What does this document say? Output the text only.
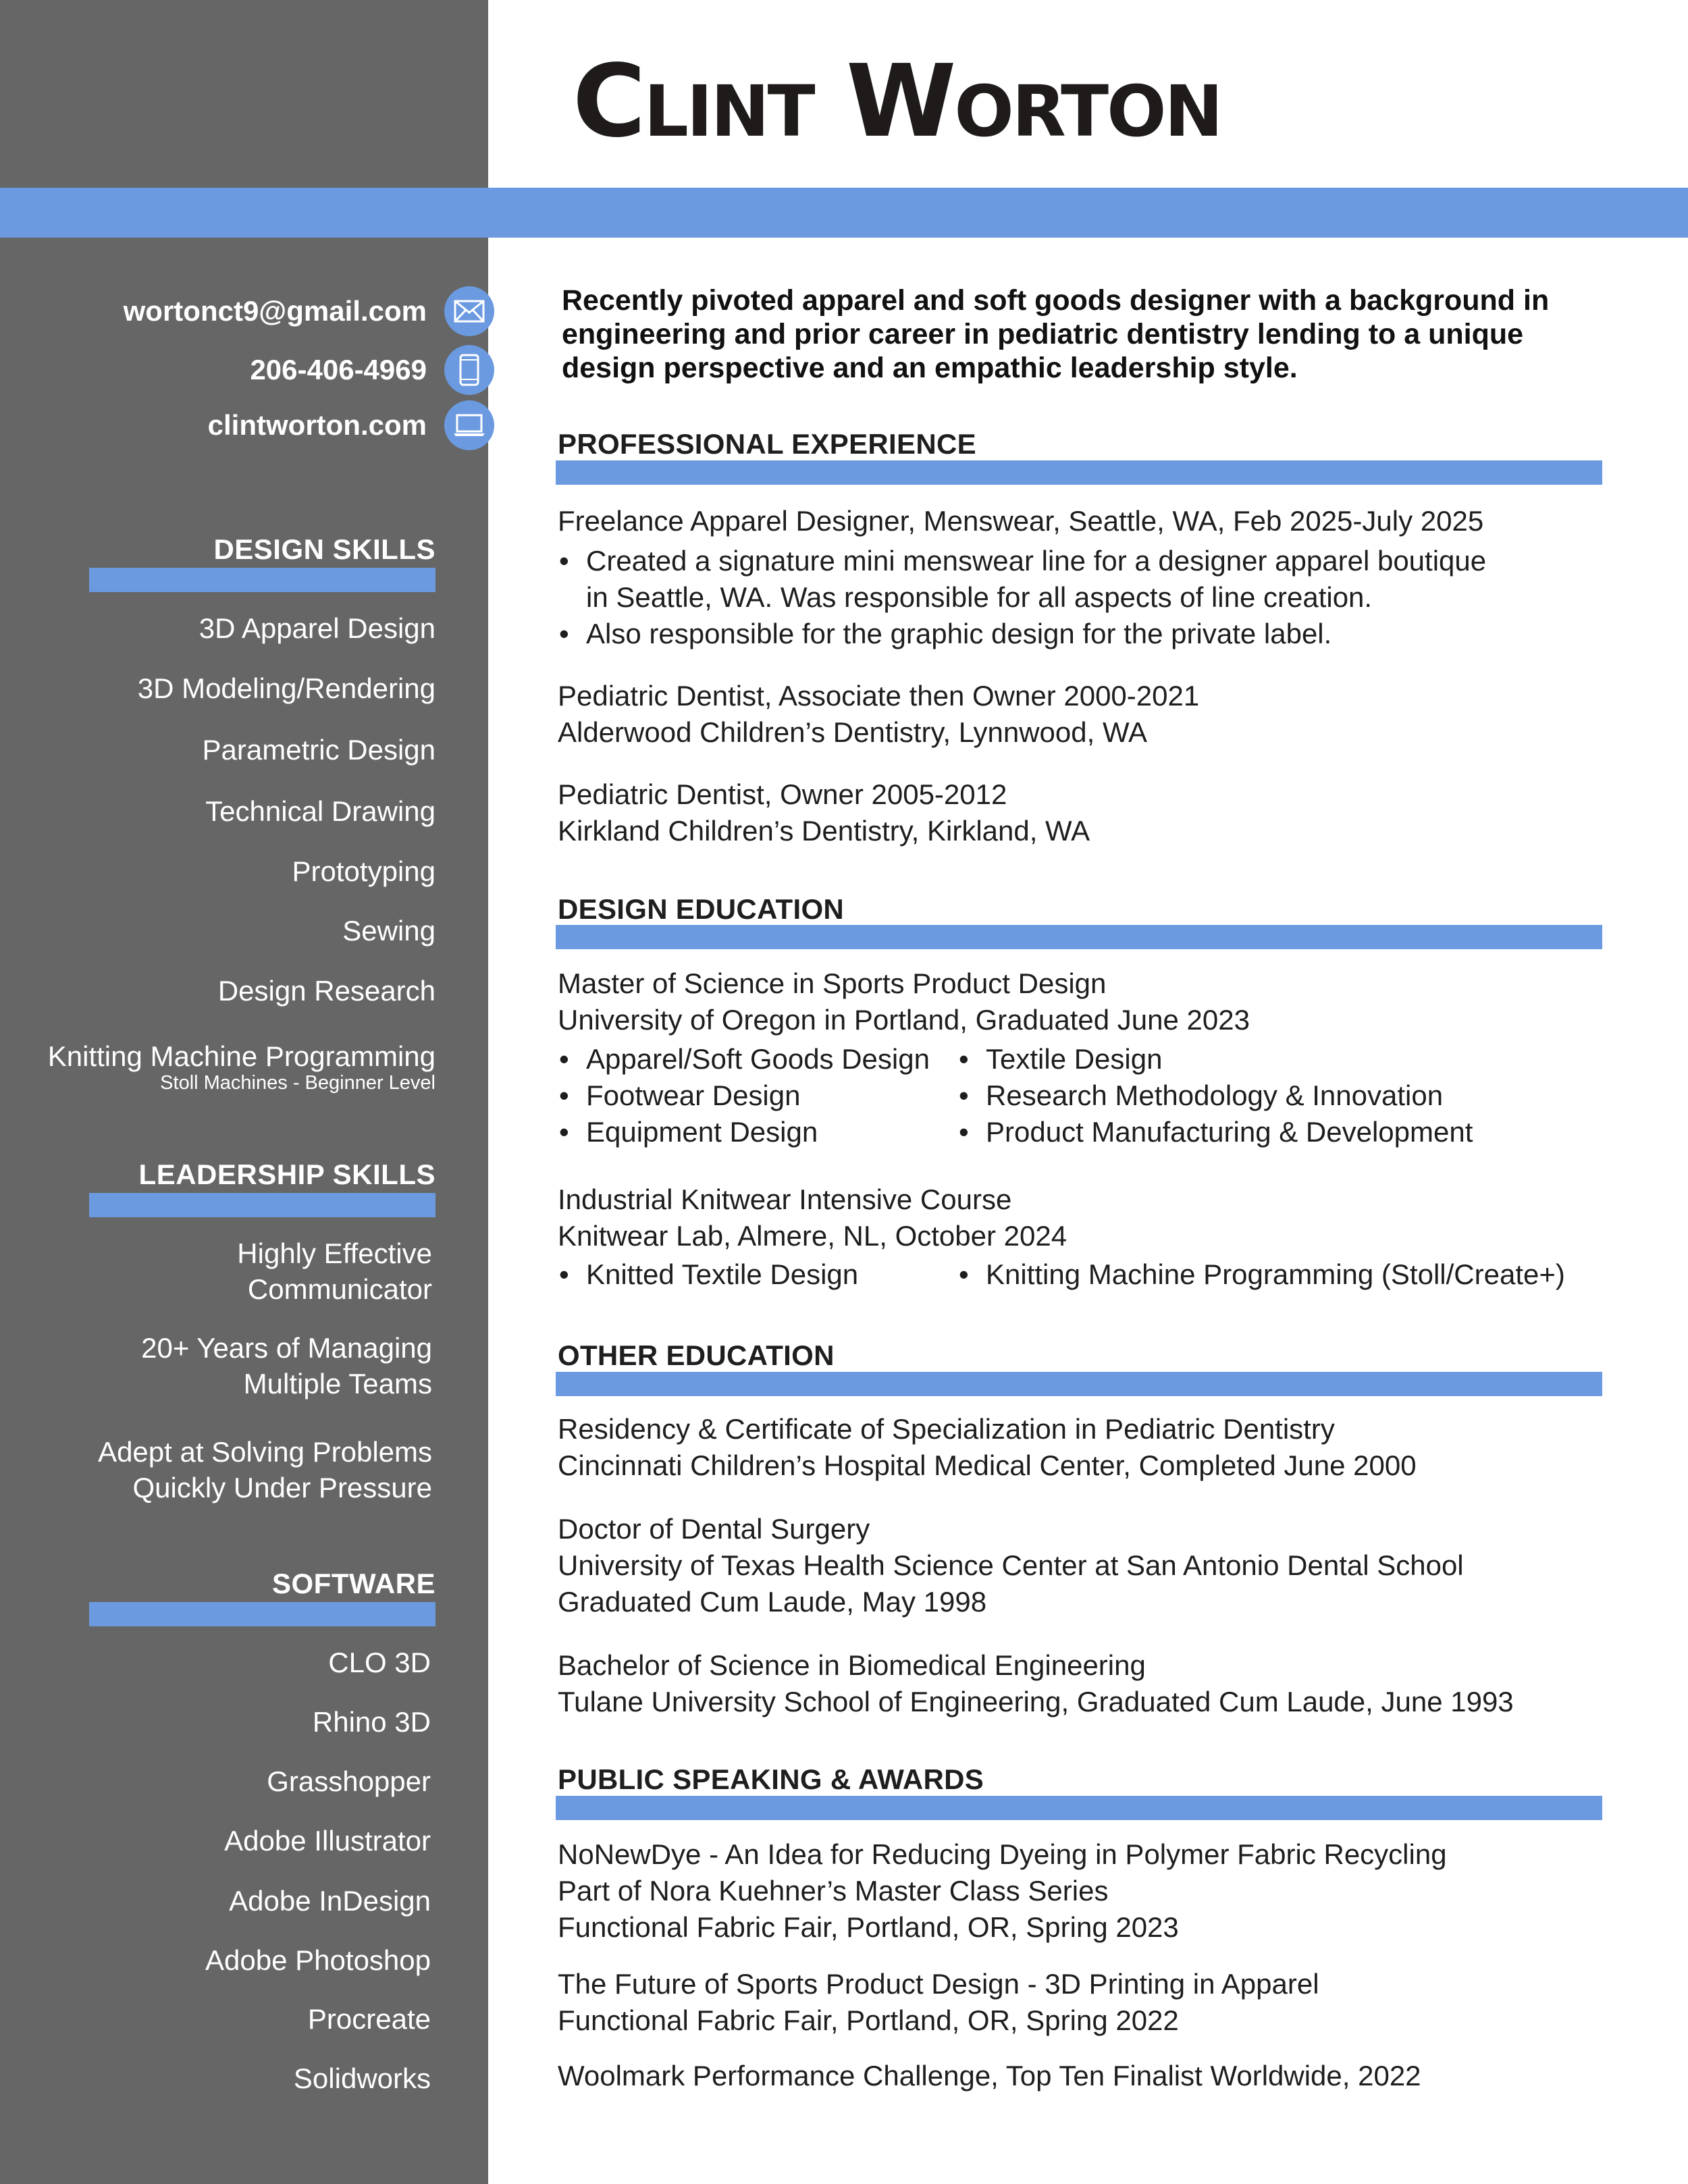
Clint Worton
wortonct9@gmail.com
206-406-4969
clintworton.com
DESIGN SKILLS
3D Apparel Design
3D Modeling/Rendering
Parametric Design
Technical Drawing
Prototyping
Sewing
Design Research
Knitting Machine Programming
Stoll Machines - Beginner Level
LEADERSHIP SKILLS
Highly Effective
Communicator
20+ Years of Managing
Multiple Teams
Adept at Solving Problems
Quickly Under Pressure
SOFTWARE
CLO 3D
Rhino 3D
Grasshopper
Adobe Illustrator
Adobe InDesign
Adobe Photoshop
Procreate
Solidworks
Recently pivoted apparel and soft goods designer with a background in
engineering and prior career in pediatric dentistry lending to a unique
design perspective and an empathic leadership style.
PROFESSIONAL EXPERIENCE
Freelance Apparel Designer, Menswear, Seattle, WA, Feb 2025-July 2025
• Created a signature mini menswear line for a designer apparel boutique
in Seattle, WA. Was responsible for all aspects of line creation.
• Also responsible for the graphic design for the private label.
Pediatric Dentist, Associate then Owner 2000-2021
Alderwood Children’s Dentistry, Lynnwood, WA
Pediatric Dentist, Owner 2005-2012
Kirkland Children’s Dentistry, Kirkland, WA
DESIGN EDUCATION
Master of Science in Sports Product Design
University of Oregon in Portland, Graduated June 2023
• Apparel/Soft Goods Design
• Footwear Design
• Equipment Design
• Textile Design
• Research Methodology & Innovation
• Product Manufacturing & Development
Industrial Knitwear Intensive Course
Knitwear Lab, Almere, NL, October 2024
• Knitted Textile Design
•	Knitting Machine Programming (Stoll/Create+)
OTHER EDUCATION
Residency & Certificate of Specialization in Pediatric Dentistry
Cincinnati Children’s Hospital Medical Center, Completed June 2000
Doctor of Dental Surgery
University of Texas Health Science Center at San Antonio Dental School
Graduated Cum Laude, May 1998
Bachelor of Science in Biomedical Engineering
Tulane University School of Engineering, Graduated Cum Laude, June 1993
PUBLIC SPEAKING & AWARDS
NoNewDye - An Idea for Reducing Dyeing in Polymer Fabric Recycling
Part of Nora Kuehner’s Master Class Series
Functional Fabric Fair, Portland, OR, Spring 2023
The Future of Sports Product Design - 3D Printing in Apparel
Functional Fabric Fair, Portland, OR, Spring 2022
Woolmark Performance Challenge, Top Ten Finalist Worldwide, 2022
